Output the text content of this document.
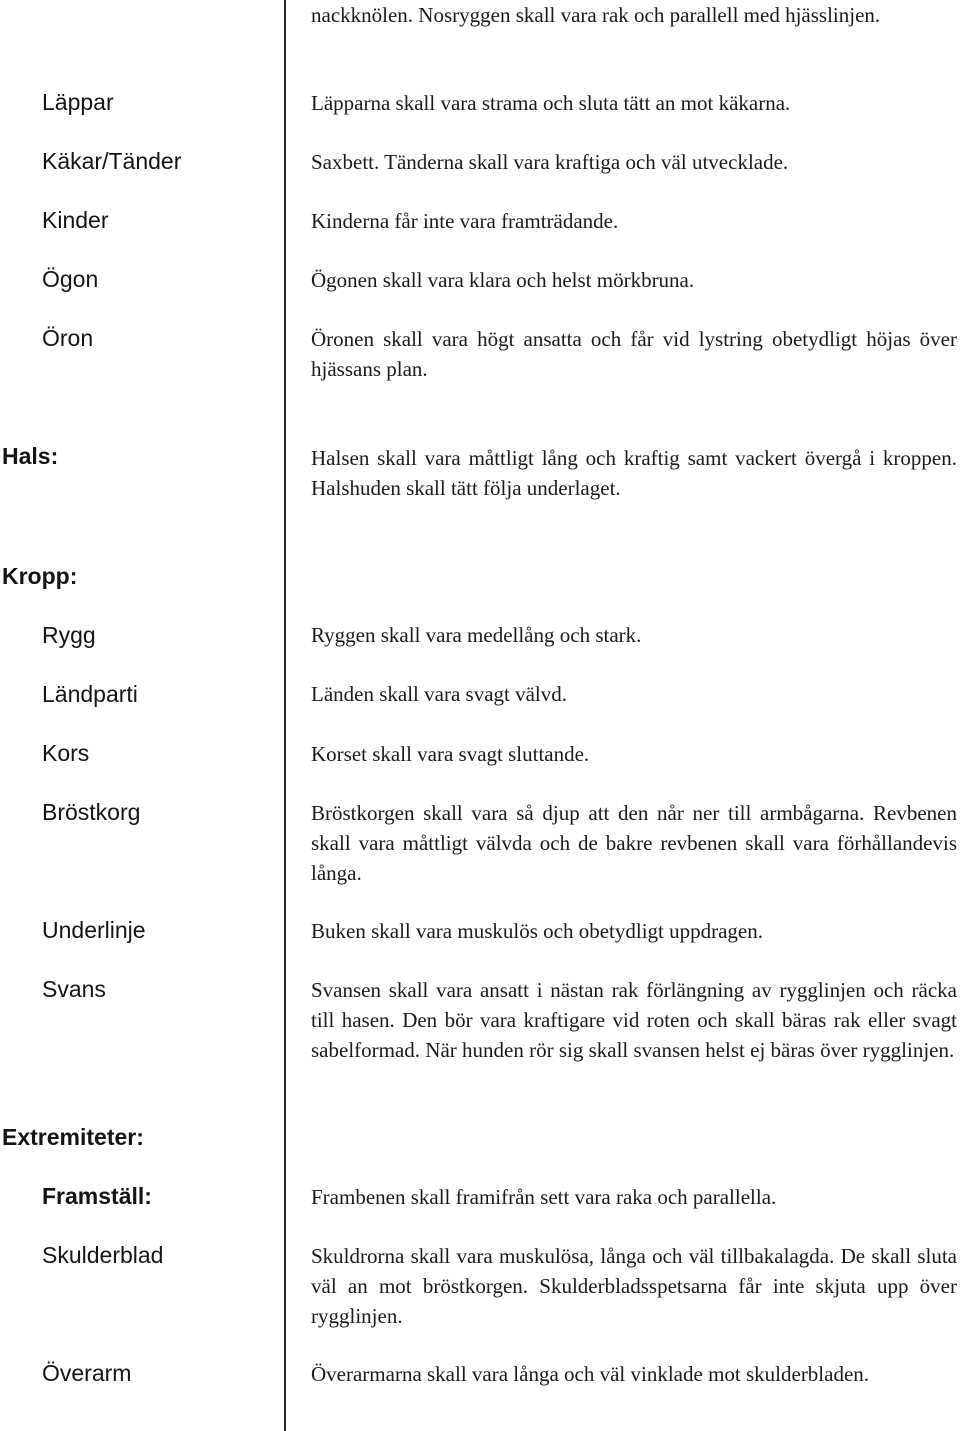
nackknölen. Nosryggen skall vara rak och parallell med hjässlinjen.
Läppar	Läpparna skall vara strama och sluta tätt an mot käkarna.
Käkar/Tänder	Saxbett. Tänderna skall vara kraftiga och väl utvecklade.
Kinder	Kinderna får inte vara framträdande.
Ögon	Ögonen skall vara klara och helst mörkbruna.
Öron	Öronen skall vara högt ansatta och får vid lystring obetydligt höjas över hjässans plan.
Hals:	Halsen skall vara måttligt lång och kraftig samt vackert övergå i kroppen. Halshuden skall tätt följa underlaget.
Kropp:
Rygg	Ryggen skall vara medellång och stark.
Ländparti	Länden skall vara svagt välvd.
Kors	Korset skall vara svagt sluttande.
Bröstkorg	Bröstkorgen skall vara så djup att den når ner till armbågarna. Revbenen skall vara måttligt välvda och de bakre revbenen skall vara förhållandevis långa.
Underlinje	Buken skall vara muskulös och obetydligt uppdragen.
Svans	Svansen skall vara ansatt i nästan rak förlängning av rygglinjen och räcka till hasen. Den bör vara kraftigare vid roten och skall bäras rak eller svagt sabelformad. När hunden rör sig skall svansen helst ej bäras över rygglinjen.
Extremiteter:
Framställ:	Frambenen skall framifrån sett vara raka och parallella.
Skulderblad	Skuldrorna skall vara muskulösa, långa och väl tillbakalagda. De skall sluta väl an mot bröstkorgen. Skulderbladsspetsarna får inte skjuta upp över rygglinjen.
Överarm	Överarmarna skall vara långa och väl vinklade mot skulderbladen.
